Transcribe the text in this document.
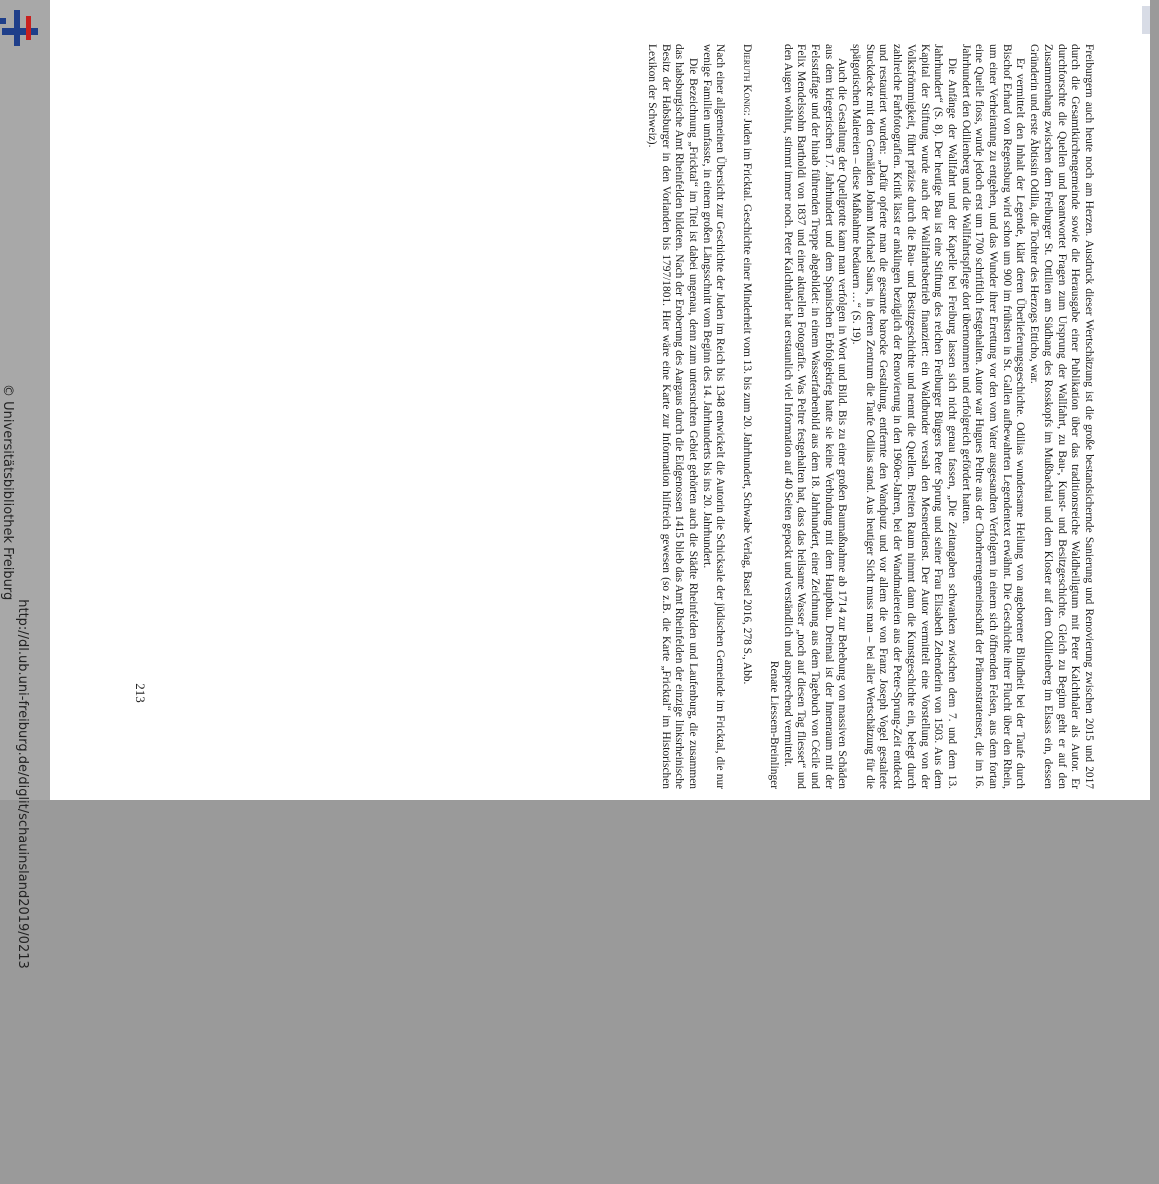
http://dl.ub.uni-freiburg.de/diglit/schauinsland2019/0213
© Universitätsbibliothek Freiburg	Freiburgern auch heute noch am Herzen. Ausdruck dieser Wertschätzung ist die große bestandsichernde Sanierung und Renovierung zwischen 2015 und 2017 durch die Gesamtkirchengemeinde sowie die Herausgabe einer Publikation über das traditionsreiche Waldheiligtum mit Peter Kalchthaler als Autor. Er durchforschte die Quellen und beantwortet Fragen zum Ursprung der Wallfahrt, zu Bau-, Kunst- und Besitzgeschichte. Gleich zu Beginn geht er auf den Zusammenhang zwischen dem Freiburger St. Ottilien am Südhang des Rosskopfs im Mußbachtal und dem Kloster auf dem Odilienberg im Elsass ein, dessen Gründerin und erste Äbtissin Odilia, die Tochter des Herzogs Etticho, war.

Er vermittelt den Inhalt der Legende, klärt deren Überlieferungsgeschichte. Odilias wundersame Heilung von angeborener Blindheit bei der Taufe durch Bischof Erhard von Regensburg wird schon um 900 im frühsten in St. Gallen aufbewahrten Legendentext erwähnt. Die Geschichte ihrer Flucht über den Rhein, um einer Verheiratung zu entgehen, und das Wunder ihrer Errettung vor den vom Vater ausgesandten Verfolgern in einem sich öffnenden Felsen, aus dem fortan eine Quelle floss, wurde jedoch erst um 1700 schriftlich festgehalten. Autor war Hugues Peltre aus der Chorherrengemeinschaft der Prämonstratenser, die im 16. Jahrhundert den Odilienberg und die Wallfahrtspflege dort übernommen und erfolgreich gefördert hatten.

Die Anfänge der Wallfahrt und der Kapelle bei Freiburg lassen sich nicht genau fassen, „Die Zeitangaben schwanken zwischen dem 7. und dem 13. Jahrhundert“ (S. 8). Der heutige Bau ist eine Stiftung des reichen Freiburger Bürgers Peter Sprung und seiner Frau Elisabeth Zehenderin von 1503. Aus dem Kapital der Stiftung wurde auch der Wallfahrtsbetrieb finanziert: ein Waldbruder versah den Mesnerdienst. Der Autor vermittelt eine Vorstellung von der Volksfrömmigkeit, führt präzise durch die Bau- und Besitzgeschichte und nennt die Quellen. Breiten Raum nimmt dann die Kunstgeschichte ein, belegt durch zahlreiche Farbfotografien. Kritik lässt er anklingen bezüglich der Renovierung in den 1960er-Jahren, bei der Wandmalereien aus der Peter-Sprung-Zeit entdeckt und restauriert wurden: „Dafür opferte man die gesamte barocke Gestaltung, entfernte den Wandputz und vor allem die von Franz Joseph Vogel gestaltete Stuckdecke mit den Gemälden Johann Michael Saurs, in deren Zentrum die Taufe Odilias stand. Aus heutiger Sicht muss man – bei aller Wertschätzung für die spätgotischen Malereien – diese Maßnahme bedauern …“ (S. 19).

Auch die Gestaltung der Quellgrotte kann man verfolgen in Wort und Bild. Bis zu einer großen Baumaßnahme ab 1714 zur Behebung von massiven Schäden aus dem kriegerischen 17. Jahrhundert und dem Spanischen Erbfolgekrieg hatte sie keine Verbindung mit dem Hauptbau. Dreimal ist der Innenraum mit der Felsstaffage und der hinab führenden Treppe abgebildet: in einem Wasserfarbenbild aus dem 18. Jahrhundert, einer Zeichnung aus dem Tagebuch von Cécile und Felix Mendelssohn Bartholdi von 1837 und einer aktuellen Fotografie. Was Peltre festgehalten hat, dass das heilsame Wasser „noch auf diesen Tag fliesset“ und den Augen wohltut, stimmt immer noch. Peter Kalchthaler hat erstaunlich viel Information auf 40 Seiten gepackt und verständlich und ansprechend vermittelt.

Renate Liessem-Breinlinger

Dieruth Konig: Juden im Fricktal. Geschichte einer Minderheit vom 13. bis zum 20. Jahrhundert, Schwabe Verlag, Basel 2016, 278 S., Abb.

Nach einer allgemeinen Übersicht zur Geschichte der Juden im Reich bis 1348 entwickelt die Autorin die Schicksale der jüdischen Gemeinde im Fricktal, die nur wenige Familien umfasste, in einem großen Längsschnitt vom Beginn des 14. Jahrhunderts bis ins 20. Jahrhundert.

Die Bezeichnung „Fricktal“ im Titel ist dabei ungenau, denn zum untersuchten Gebiet gehörten auch die Städte Rheinfelden und Laufenburg, die zusammen das habsburgische Amt Rheinfelden bildeten. Nach der Eroberung des Aargaus durch die Eidgenossen 1415 blieb das Amt Rheinfelden der einzige linksrheinische Besitz der Habsburger in den Vorlanden bis 1797/1801. Hier wäre eine Karte zur Information hilfreich gewesen (so z.B. die Karte „Fricktal“ im Historischen Lexikon der Schweiz).

213
